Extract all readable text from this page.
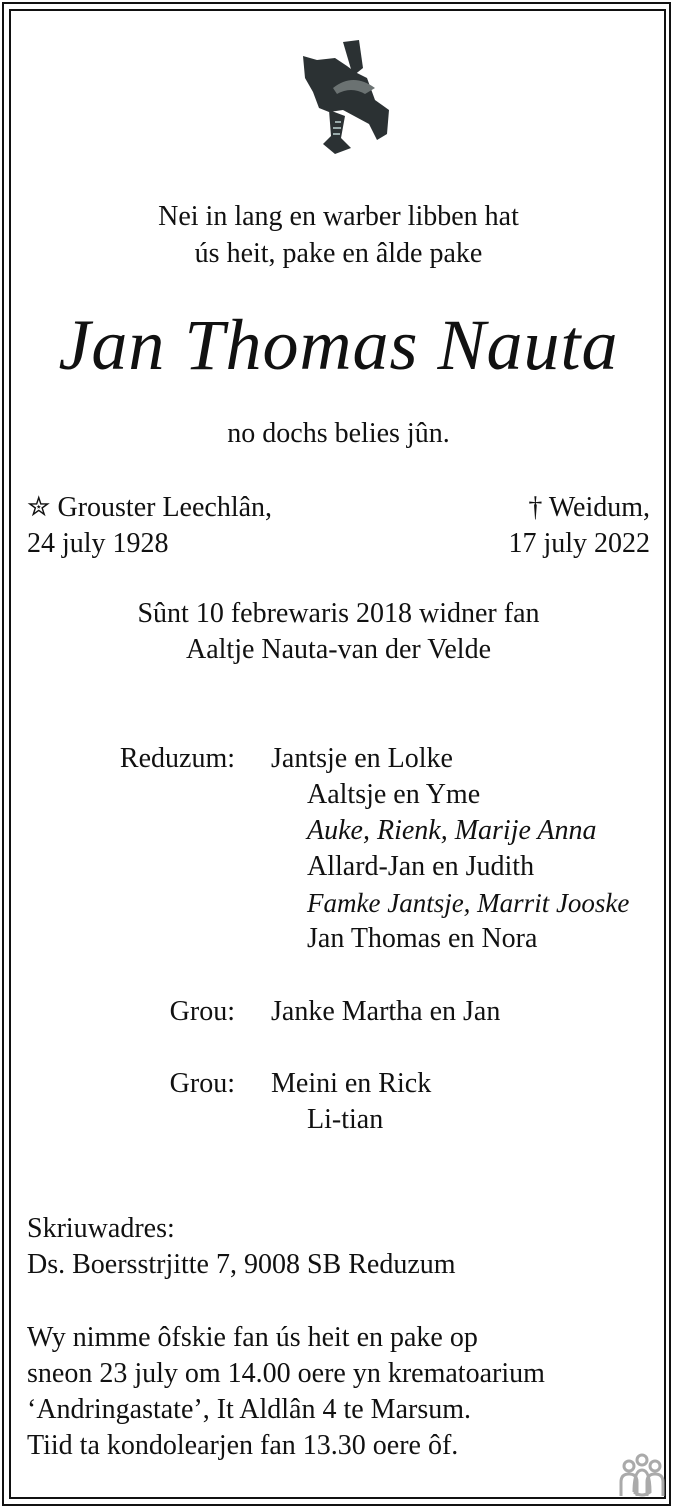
Nei in lang en warber libben hat
ús heit, pake en âlde pake
Jan Thomas Nauta
no dochs belies jûn.
✮ Grouster Leechlân,
24 july 1928
† Weidum,
17 july 2022
Sûnt 10 febrewaris 2018 widner fan
Aaltje Nauta-van der Velde
Reduzum: Jantsje en Lolke
Aaltsje en Yme
Auke, Rienk, Marije Anna
Allard-Jan en Judith
Famke Jantsje, Marrit Jooske
Jan Thomas en Nora
Grou: Janke Martha en Jan
Grou: Meini en Rick
Li-tian
Skriuwadres:
Ds. Boersstrjitte 7, 9008 SB Reduzum
Wy nimme ôfskie fan ús heit en pake op
sneon 23 july om 14.00 oere yn krematoarium
‘Andringastate’, It Aldlân 4 te Marsum.
Tiid ta kondolearjen fan 13.30 oere ôf.
